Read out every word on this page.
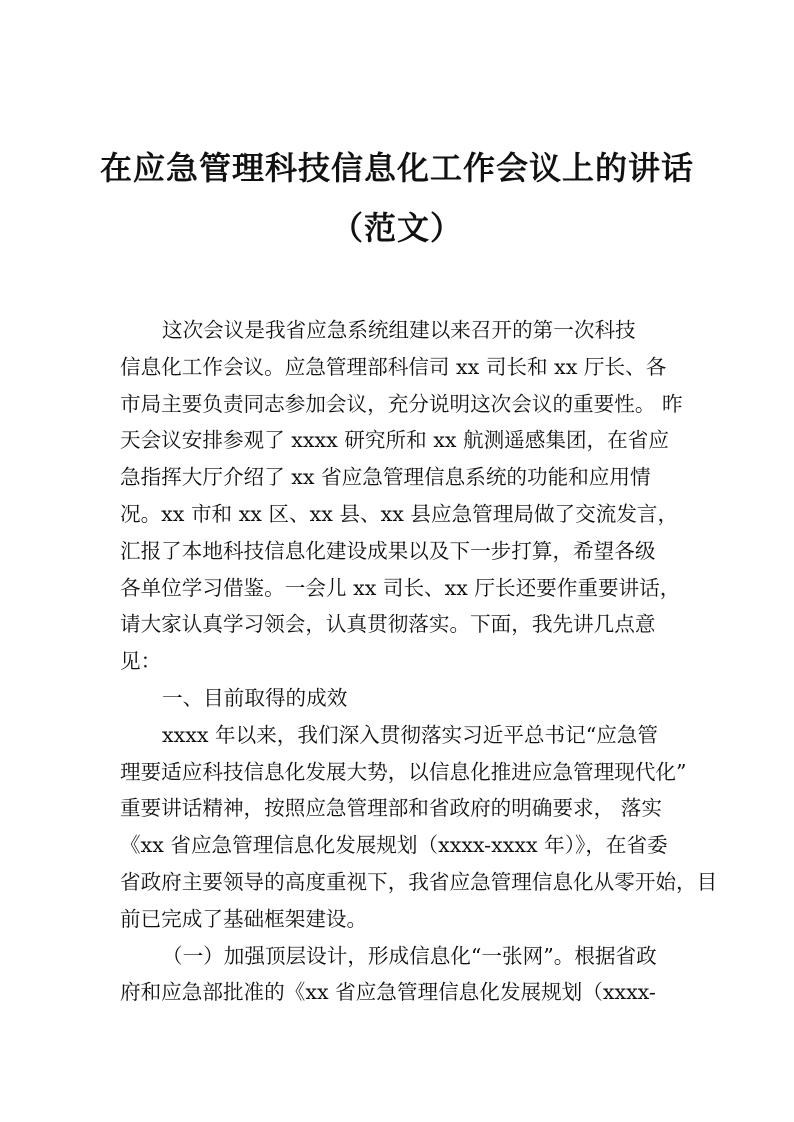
在应急管理科技信息化工作会议上的讲话
（范文）
这次会议是我省应急系统组建以来召开的第一次科技
信息化工作会议。应急管理部科信司 xx 司长和 xx 厅长、各
市局主要负责同志参加会议，充分说明这次会议的重要性。 昨
天会议安排参观了 xxxx 研究所和 xx 航测遥感集团，在省应
急指挥大厅介绍了 xx 省应急管理信息系统的功能和应用情
况。xx 市和 xx 区、xx 县、xx 县应急管理局做了交流发言，
汇报了本地科技信息化建设成果以及下一步打算，希望各级
各单位学习借鉴。一会儿 xx 司长、xx 厅长还要作重要讲话，
请大家认真学习领会，认真贯彻落实。下面，我先讲几点意
见：
一、目前取得的成效
xxxx 年以来，我们深入贯彻落实习近平总书记“应急管
理要适应科技信息化发展大势，以信息化推进应急管理现代化”
重要讲话精神，按照应急管理部和省政府的明确要求， 落实
《xx 省应急管理信息化发展规划（xxxx-xxxx 年）》，在省委
省政府主要领导的高度重视下，我省应急管理信息化从零开始，目
前已完成了基础框架建设。
（一）加强顶层设计，形成信息化“一张网”。根据省政
府和应急部批准的《xx 省应急管理信息化发展规划（xxxx-
